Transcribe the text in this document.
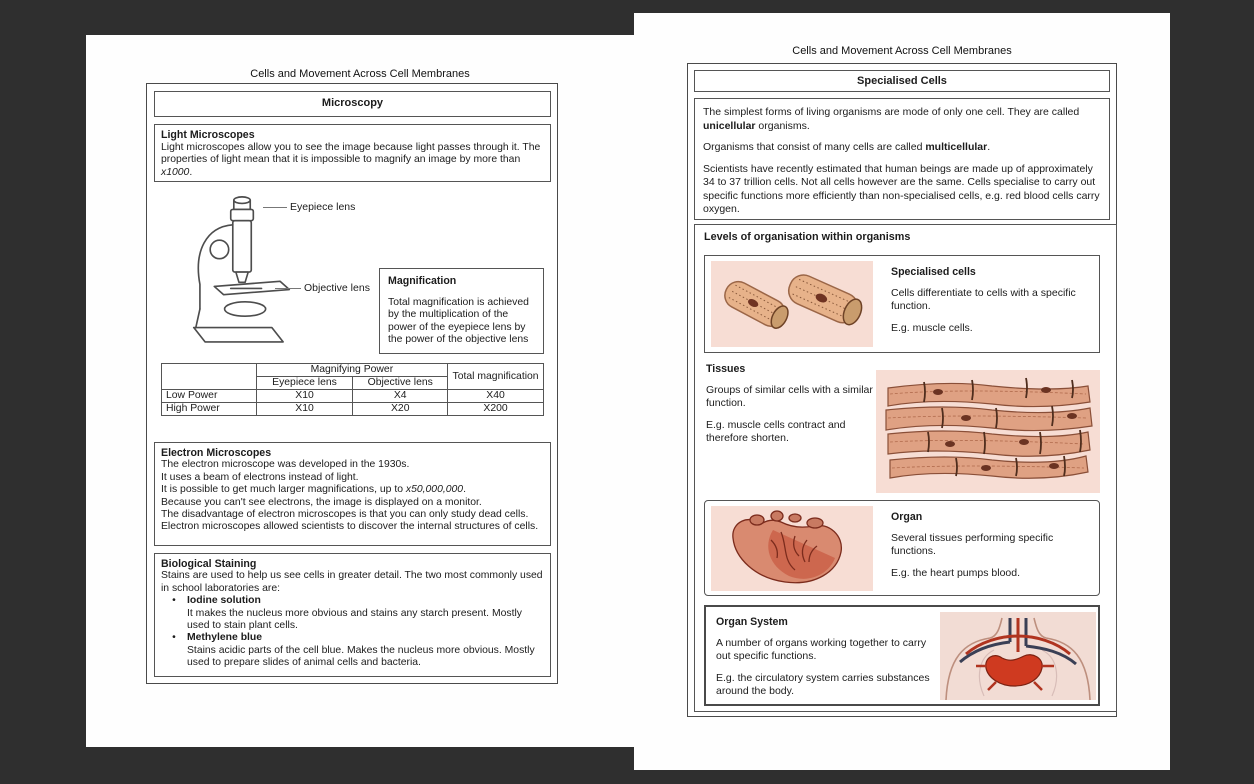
Cells and Movement Across Cell Membranes
Microscopy
Light Microscopes
Light microscopes allow you to see the image because light passes through it. The properties of light mean that it is impossible to magnify an image by more than x1000.
Eyepiece lens
Objective lens
Magnification
Total magnification is achieved by the multiplication of the power of the eyepiece lens by the power of the objective lens
	Magnifying Power		Total magnification
	Eyepiece lens	Objective lens	
Low Power	X10	X4	X40
High Power	X10	X20	X200
Electron Microscopes
The electron microscope was developed in the 1930s.
It uses a beam of electrons instead of light.
It is possible to get much larger magnifications, up to x50,000,000.
Because you can't see electrons, the image is displayed on a monitor.
The disadvantage of electron microscopes is that you can only study dead cells.
Electron microscopes allowed scientists to discover the internal structures of cells.
Biological Staining
Stains are used to help us see cells in greater detail. The two most commonly used in school laboratories are:
•
Iodine solution
It makes the nucleus more obvious and stains any starch present. Mostly used to stain plant cells.
•
Methylene blue
Stains acidic parts of the cell blue. Makes the nucleus more obvious. Mostly used to prepare slides of animal cells and bacteria.
Cells and Movement Across Cell Membranes
Specialised Cells

The simplest forms of living organisms are mode of only one cell. They are called unicellular organisms.

Organisms that consist of many cells are called multicellular.

Scientists have recently estimated that human beings are made up of approximately 34 to 37 trillion cells. Not all cells however are the same. Cells specialise to carry out specific functions more efficiently than non-specialised cells, e.g. red blood cells carry oxygen.

Levels of organisation within organisms
Specialised cells
Cells differentiate to cells with a specific function.
E.g. muscle cells.
Tissues
Groups of similar cells with a similar function.
E.g. muscle cells contract and therefore shorten.
Organ
Several tissues performing specific functions.
E.g. the heart pumps blood.
Organ System
A number of organs working together to carry out specific functions.
E.g. the circulatory system carries substances around the body.
